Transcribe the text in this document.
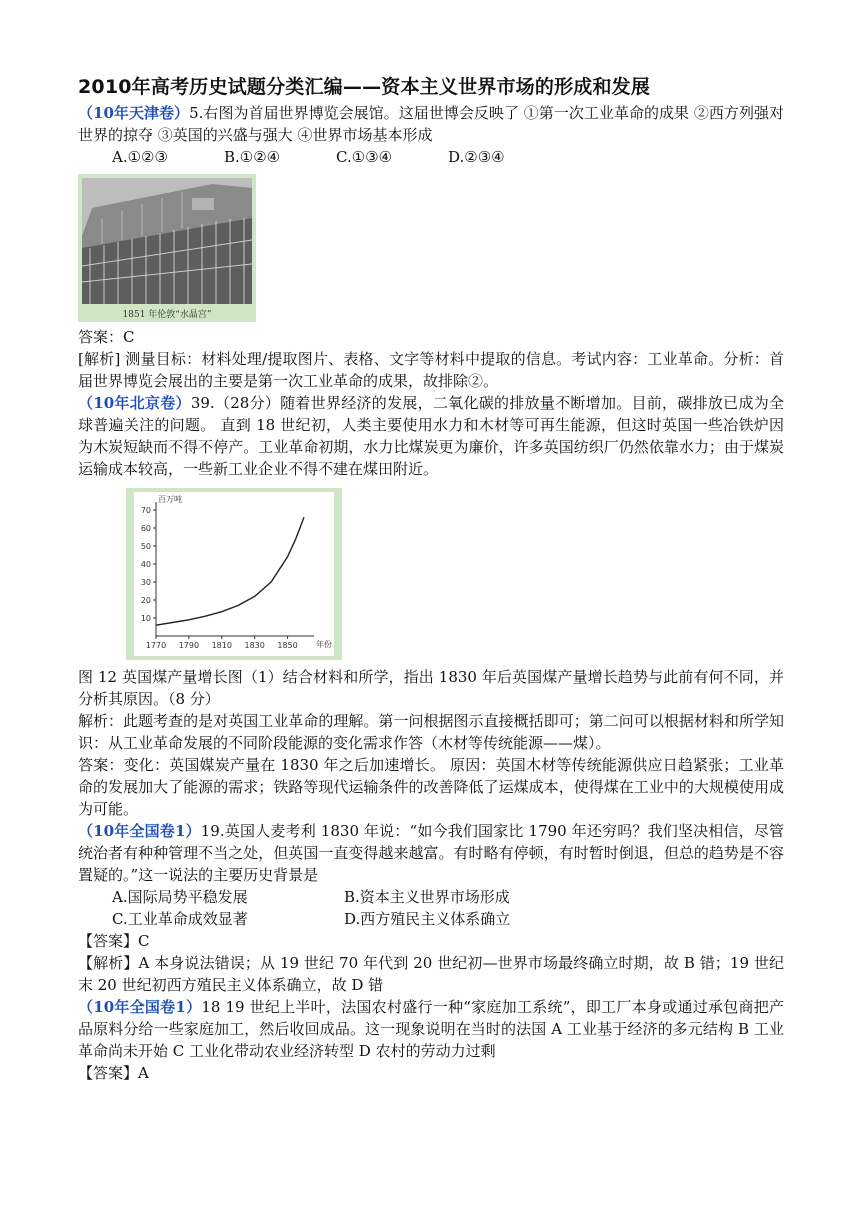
2010年高考历史试题分类汇编——资本主义世界市场的形成和发展

（10年天津卷）5.右图为首届世界博览会展馆。这届世博会反映了 ①第一次工业革命的成果 ②西方列强对世界的掠夺 ③英国的兴盛与强大 ④世界市场基本形成

A.①②③	B.①②④	C.①③④	D.②③④
1851 年伦敦“水晶宫”

答案：C

[解析] 测量目标：材料处理/提取图片、表格、文字等材料中提取的信息。考试内容：工业革命。分析：首届世界博览会展出的主要是第一次工业革命的成果，故排除②。

（10年北京卷）39.（28分）随着世界经济的发展，二氧化碳的排放量不断增加。目前，碳排放已成为全球普遍关注的问题。 直到 18 世纪初，人类主要使用水力和木材等可再生能源，但这时英国一些冶铁炉因为木炭短缺而不得不停产。工业革命初期，水力比煤炭更为廉价，许多英国纺织厂仍然依靠水力；由于煤炭运输成本较高，一些新工业企业不得不建在煤田附近。

百万吨
年份
10
20
30
40
50
60
70
1770 1790 1810 1830 1850

图 12 英国煤产量增长图（1）结合材料和所学，指出 1830 年后英国煤产量增长趋势与此前有何不同，并分析其原因。（8 分）

解析：此题考查的是对英国工业革命的理解。第一问根据图示直接概括即可；第二问可以根据材料和所学知识：从工业革命发展的不同阶段能源的变化需求作答（木材等传统能源——煤）。

答案：变化：英国媒炭产量在 1830 年之后加速增长。 原因：英国木材等传统能源供应日趋紧张；工业革命的发展加大了能源的需求；铁路等现代运输条件的改善降低了运煤成本，使得煤在工业中的大规模使用成为可能。

（10年全国卷1）19.英国人麦考利 1830 年说：“如今我们国家比 1790 年还穷吗？我们坚决相信，尽管统治者有种种管理不当之处，但英国一直变得越来越富。有时略有停顿，有时暂时倒退，但总的趋势是不容置疑的。”这一说法的主要历史背景是

A.国际局势平稳发展	B.资本主义世界市场形成
C.工业革命成效显著	D.西方殖民主义体系确立

【答案】C

【解析】A 本身说法错误；从 19 世纪 70 年代到 20 世纪初—世界市场最终确立时期，故 B 错；19 世纪末 20 世纪初西方殖民主义体系确立，故 D 错

（10年全国卷1）18 19 世纪上半叶，法国农村盛行一种“家庭加工系统”，即工厂本身或通过承包商把产品原料分给一些家庭加工，然后收回成品。这一现象说明在当时的法国 A 工业基于经济的多元结构 B 工业革命尚未开始 C 工业化带动农业经济转型 D 农村的劳动力过剩

【答案】A
